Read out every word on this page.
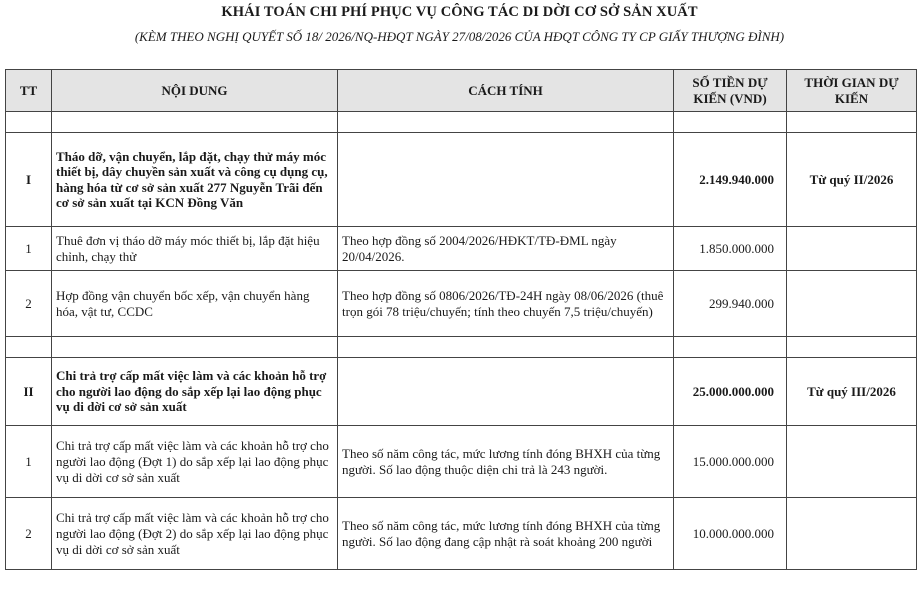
KHÁI TOÁN CHI PHÍ PHỤC VỤ CÔNG TÁC DI DỜI CƠ SỞ SẢN XUẤT
(KÈM THEO NGHỊ QUYẾT SỐ 18/ 2026/NQ-HĐQT NGÀY 27/08/2026 CỦA HĐQT CÔNG TY CP GIẤY THƯỢNG ĐÌNH)
TT	NỘI DUNG	CÁCH TÍNH	SỐ TIỀN DỰ KIẾN (VND)	THỜI GIAN DỰ KIẾN

I	Tháo dỡ, vận chuyển, lắp đặt, chạy thử máy móc thiết bị, dây chuyền sản xuất và công cụ dụng cụ, hàng hóa từ cơ sở sản xuất 277 Nguyễn Trãi đến cơ sở sản xuất tại KCN Đồng Văn		2.149.940.000	Từ quý II/2026
1	Thuê đơn vị tháo dỡ máy móc thiết bị, lắp đặt hiệu chỉnh, chạy thử	Theo hợp đồng số 2004/2026/HĐKT/TĐ-ĐML ngày 20/04/2026.	1.850.000.000	
2	Hợp đồng vận chuyển bốc xếp, vận chuyển hàng hóa, vật tư, CCDC	Theo hợp đồng số 0806/2026/TĐ-24H ngày 08/06/2026 (thuê trọn gói 78 triệu/chuyến; tính theo chuyến 7,5 triệu/chuyến)	299.940.000	

II	Chi trả trợ cấp mất việc làm và các khoản hỗ trợ cho người lao động do sắp xếp lại lao động phục vụ di dời cơ sở sản xuất		25.000.000.000	Từ quý III/2026
1	Chi trả trợ cấp mất việc làm và các khoản hỗ trợ cho người lao động (Đợt 1) do sắp xếp lại lao động phục vụ di dời cơ sở sản xuất	Theo số năm công tác, mức lương tính đóng BHXH của từng người. Số lao động thuộc diện chi trả là 243 người.	15.000.000.000	
2	Chi trả trợ cấp mất việc làm và các khoản hỗ trợ cho người lao động (Đợt 2) do sắp xếp lại lao động phục vụ di dời cơ sở sản xuất	Theo số năm công tác, mức lương tính đóng BHXH của từng người. Số lao động đang cập nhật rà soát khoảng 200 người	10.000.000.000	
